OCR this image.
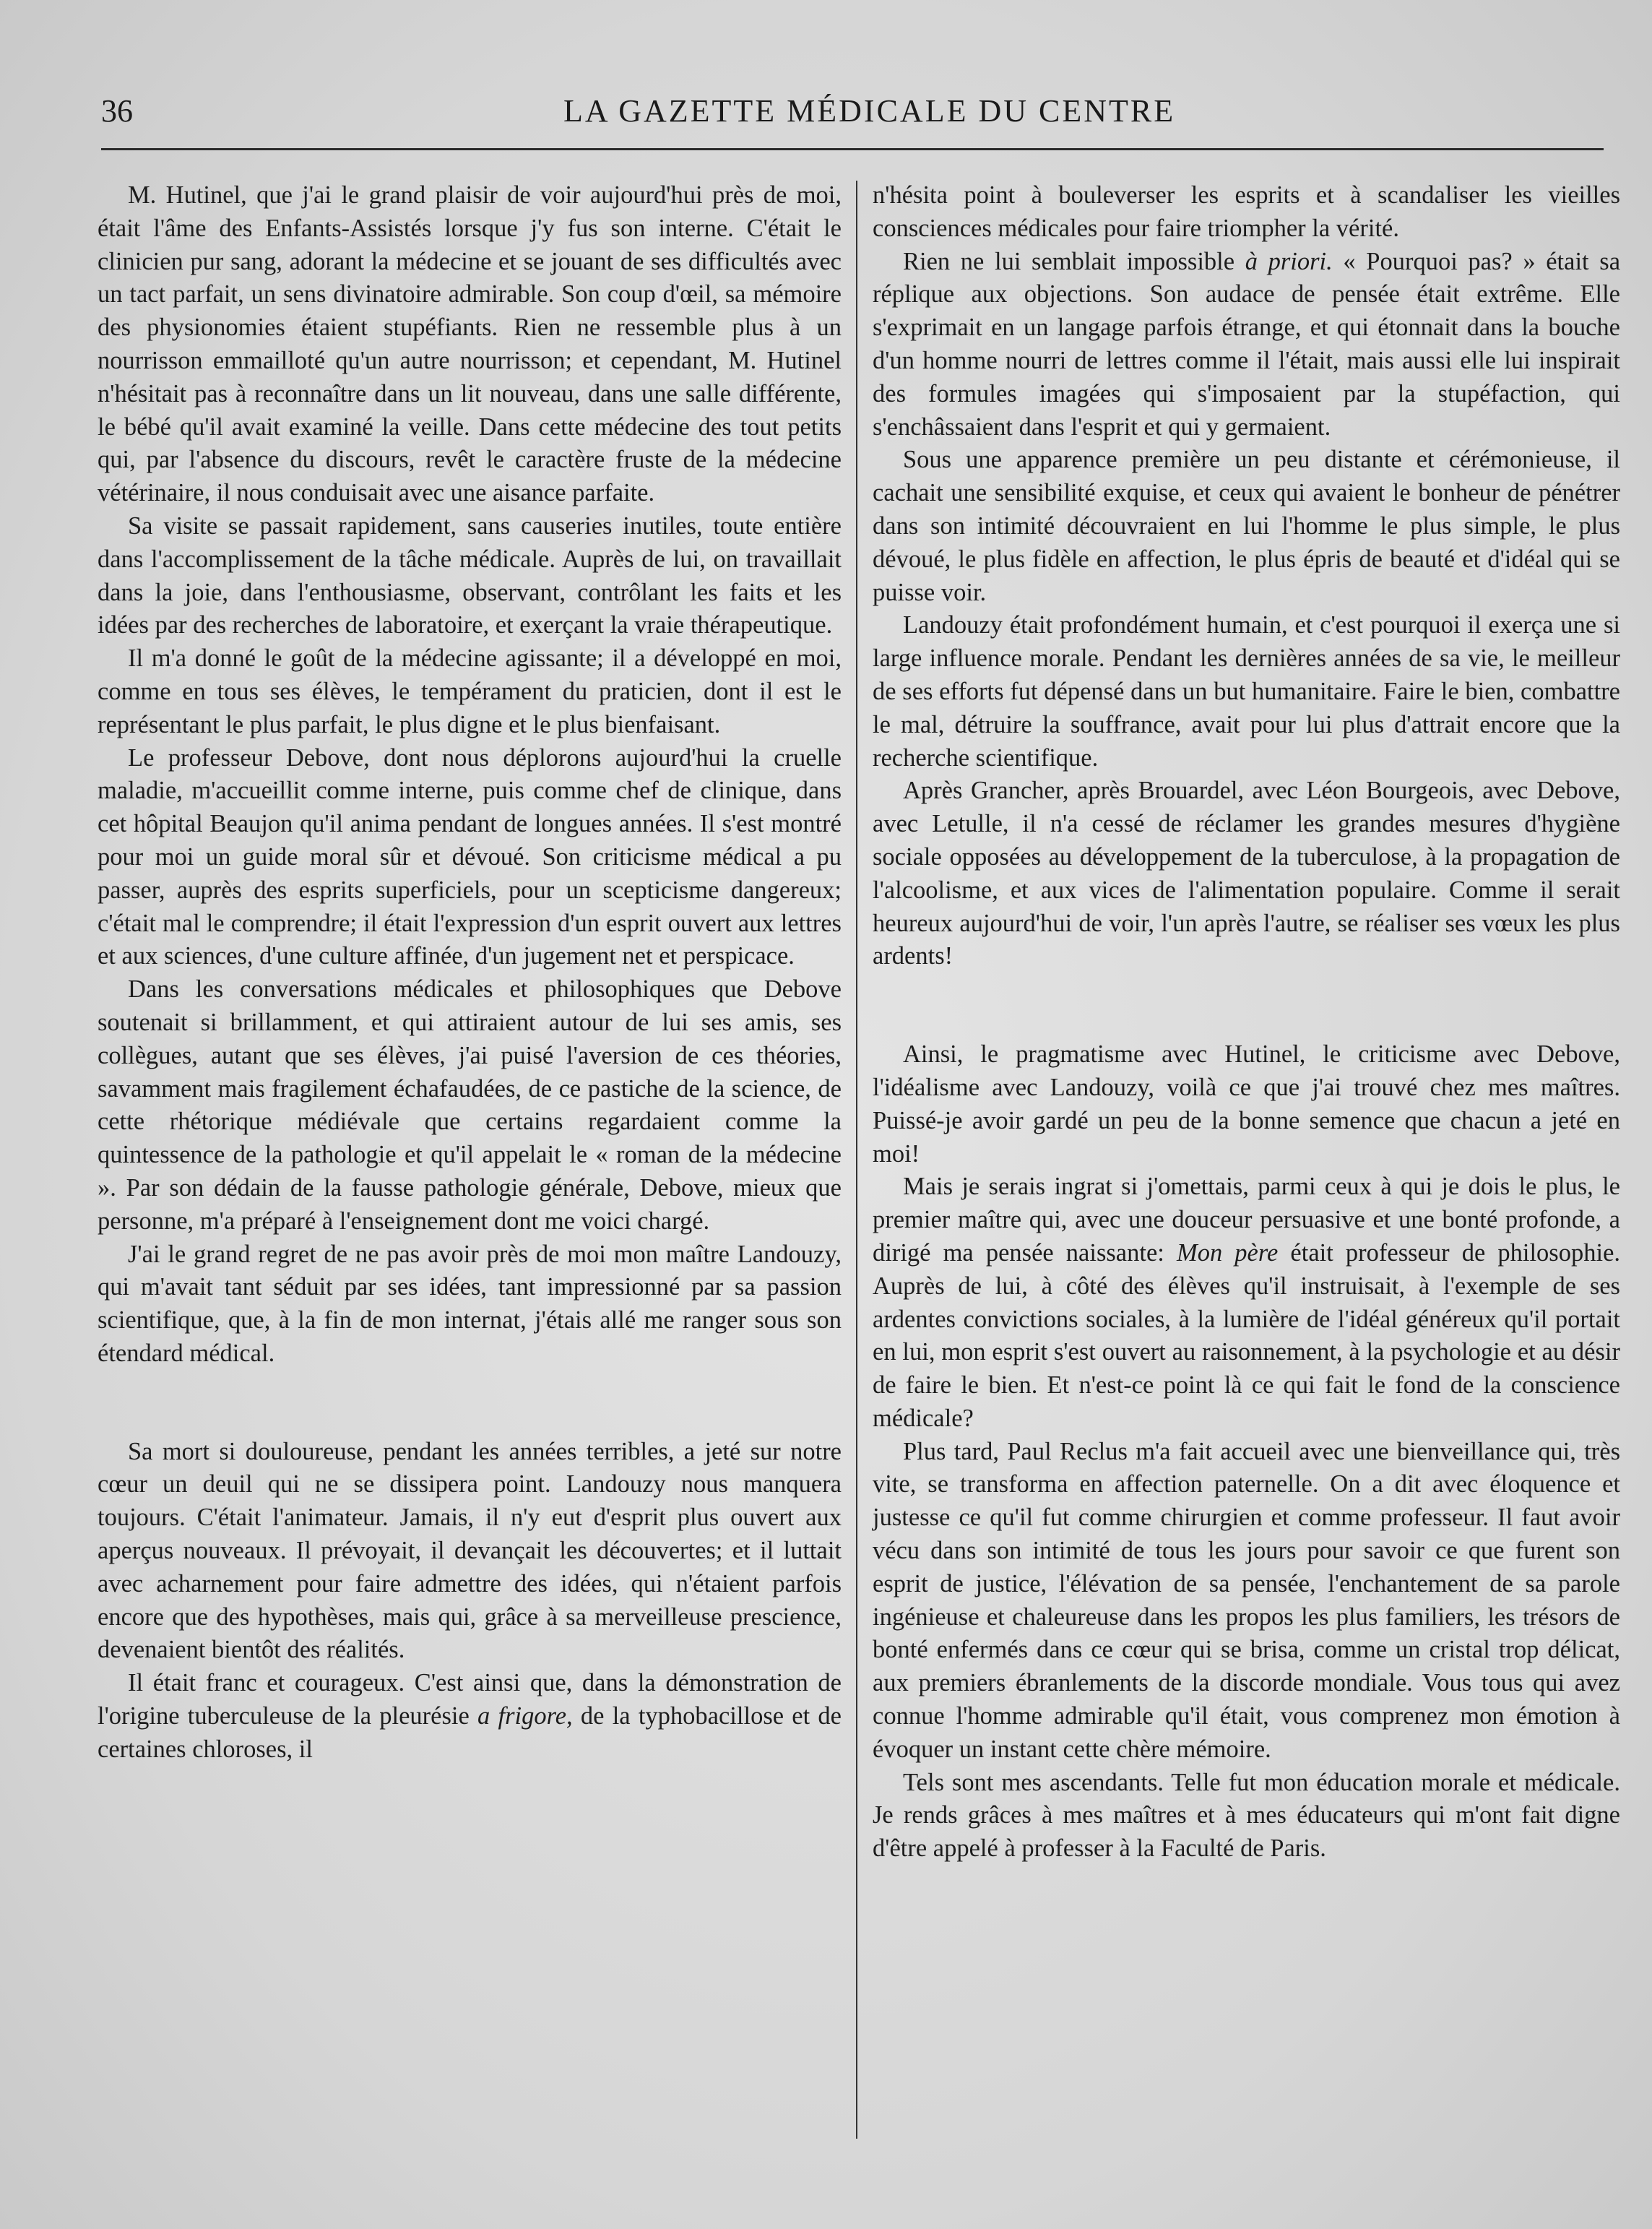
36	LA GAZETTE MÉDICALE DU CENTRE

M. Hutinel, que j'ai le grand plaisir de voir aujourd'hui près de moi, était l'âme des Enfants-Assistés lorsque j'y fus son interne. C'était le clinicien pur sang, adorant la médecine et se jouant de ses difficultés avec un tact parfait, un sens divinatoire admirable. Son coup d'œil, sa mémoire des physionomies étaient stupéfiants. Rien ne ressemble plus à un nourrisson emmailloté qu'un autre nourrisson; et cependant, M. Hutinel n'hésitait pas à reconnaître dans un lit nouveau, dans une salle différente, le bébé qu'il avait examiné la veille. Dans cette médecine des tout petits qui, par l'absence du discours, revêt le caractère fruste de la médecine vétérinaire, il nous conduisait avec une aisance parfaite.

Sa visite se passait rapidement, sans causeries inutiles, toute entière dans l'accomplissement de la tâche médicale. Auprès de lui, on travaillait dans la joie, dans l'enthousiasme, observant, contrôlant les faits et les idées par des recherches de laboratoire, et exerçant la vraie thérapeutique.

Il m'a donné le goût de la médecine agissante; il a développé en moi, comme en tous ses élèves, le tempérament du praticien, dont il est le représentant le plus parfait, le plus digne et le plus bienfaisant.

Le professeur Debove, dont nous déplorons aujourd'hui la cruelle maladie, m'accueillit comme interne, puis comme chef de clinique, dans cet hôpital Beaujon qu'il anima pendant de longues années. Il s'est montré pour moi un guide moral sûr et dévoué. Son criticisme médical a pu passer, auprès des esprits superficiels, pour un scepticisme dangereux; c'était mal le comprendre; il était l'expression d'un esprit ouvert aux lettres et aux sciences, d'une culture affinée, d'un jugement net et perspicace.

Dans les conversations médicales et philosophiques que Debove soutenait si brillamment, et qui attiraient autour de lui ses amis, ses collègues, autant que ses élèves, j'ai puisé l'aversion de ces théories, savamment mais fragilement échafaudées, de ce pastiche de la science, de cette rhétorique médiévale que certains regardaient comme la quintessence de la pathologie et qu'il appelait le « roman de la médecine ». Par son dédain de la fausse pathologie générale, Debove, mieux que personne, m'a préparé à l'enseignement dont me voici chargé.

J'ai le grand regret de ne pas avoir près de moi mon maître Landouzy, qui m'avait tant séduit par ses idées, tant impressionné par sa passion scientifique, que, à la fin de mon internat, j'étais allé me ranger sous son étendard médical.

Sa mort si douloureuse, pendant les années terribles, a jeté sur notre cœur un deuil qui ne se dissipera point. Landouzy nous manquera toujours. C'était l'animateur. Jamais, il n'y eut d'esprit plus ouvert aux aperçus nouveaux. Il prévoyait, il devançait les découvertes; et il luttait avec acharnement pour faire admettre des idées, qui n'étaient parfois encore que des hypothèses, mais qui, grâce à sa merveilleuse prescience, devenaient bientôt des réalités.

Il était franc et courageux. C'est ainsi que, dans la démonstration de l'origine tuberculeuse de la pleurésie a frigore, de la typhobacillose et de certaines chloroses, il

n'hésita point à bouleverser les esprits et à scandaliser les vieilles consciences médicales pour faire triompher la vérité.

Rien ne lui semblait impossible à priori. « Pourquoi pas? » était sa réplique aux objections. Son audace de pensée était extrême. Elle s'exprimait en un langage parfois étrange, et qui étonnait dans la bouche d'un homme nourri de lettres comme il l'était, mais aussi elle lui inspirait des formules imagées qui s'imposaient par la stupéfaction, qui s'enchâssaient dans l'esprit et qui y germaient.

Sous une apparence première un peu distante et cérémonieuse, il cachait une sensibilité exquise, et ceux qui avaient le bonheur de pénétrer dans son intimité découvraient en lui l'homme le plus simple, le plus dévoué, le plus fidèle en affection, le plus épris de beauté et d'idéal qui se puisse voir.

Landouzy était profondément humain, et c'est pourquoi il exerça une si large influence morale. Pendant les dernières années de sa vie, le meilleur de ses efforts fut dépensé dans un but humanitaire. Faire le bien, combattre le mal, détruire la souffrance, avait pour lui plus d'attrait encore que la recherche scientifique.

Après Grancher, après Brouardel, avec Léon Bourgeois, avec Debove, avec Letulle, il n'a cessé de réclamer les grandes mesures d'hygiène sociale opposées au développement de la tuberculose, à la propagation de l'alcoolisme, et aux vices de l'alimentation populaire. Comme il serait heureux aujourd'hui de voir, l'un après l'autre, se réaliser ses vœux les plus ardents!

Ainsi, le pragmatisme avec Hutinel, le criticisme avec Debove, l'idéalisme avec Landouzy, voilà ce que j'ai trouvé chez mes maîtres. Puissé-je avoir gardé un peu de la bonne semence que chacun a jeté en moi!

Mais je serais ingrat si j'omettais, parmi ceux à qui je dois le plus, le premier maître qui, avec une douceur persuasive et une bonté profonde, a dirigé ma pensée naissante: Mon père était professeur de philosophie. Auprès de lui, à côté des élèves qu'il instruisait, à l'exemple de ses ardentes convictions sociales, à la lumière de l'idéal généreux qu'il portait en lui, mon esprit s'est ouvert au raisonnement, à la psychologie et au désir de faire le bien. Et n'est-ce point là ce qui fait le fond de la conscience médicale?

Plus tard, Paul Reclus m'a fait accueil avec une bienveillance qui, très vite, se transforma en affection paternelle. On a dit avec éloquence et justesse ce qu'il fut comme chirurgien et comme professeur. Il faut avoir vécu dans son intimité de tous les jours pour savoir ce que furent son esprit de justice, l'élévation de sa pensée, l'enchantement de sa parole ingénieuse et chaleureuse dans les propos les plus familiers, les trésors de bonté enfermés dans ce cœur qui se brisa, comme un cristal trop délicat, aux premiers ébranlements de la discorde mondiale. Vous tous qui avez connue l'homme admirable qu'il était, vous comprenez mon émotion à évoquer un instant cette chère mémoire.

Tels sont mes ascendants. Telle fut mon éducation morale et médicale. Je rends grâces à mes maîtres et à mes éducateurs qui m'ont fait digne d'être appelé à professer à la Faculté de Paris.
